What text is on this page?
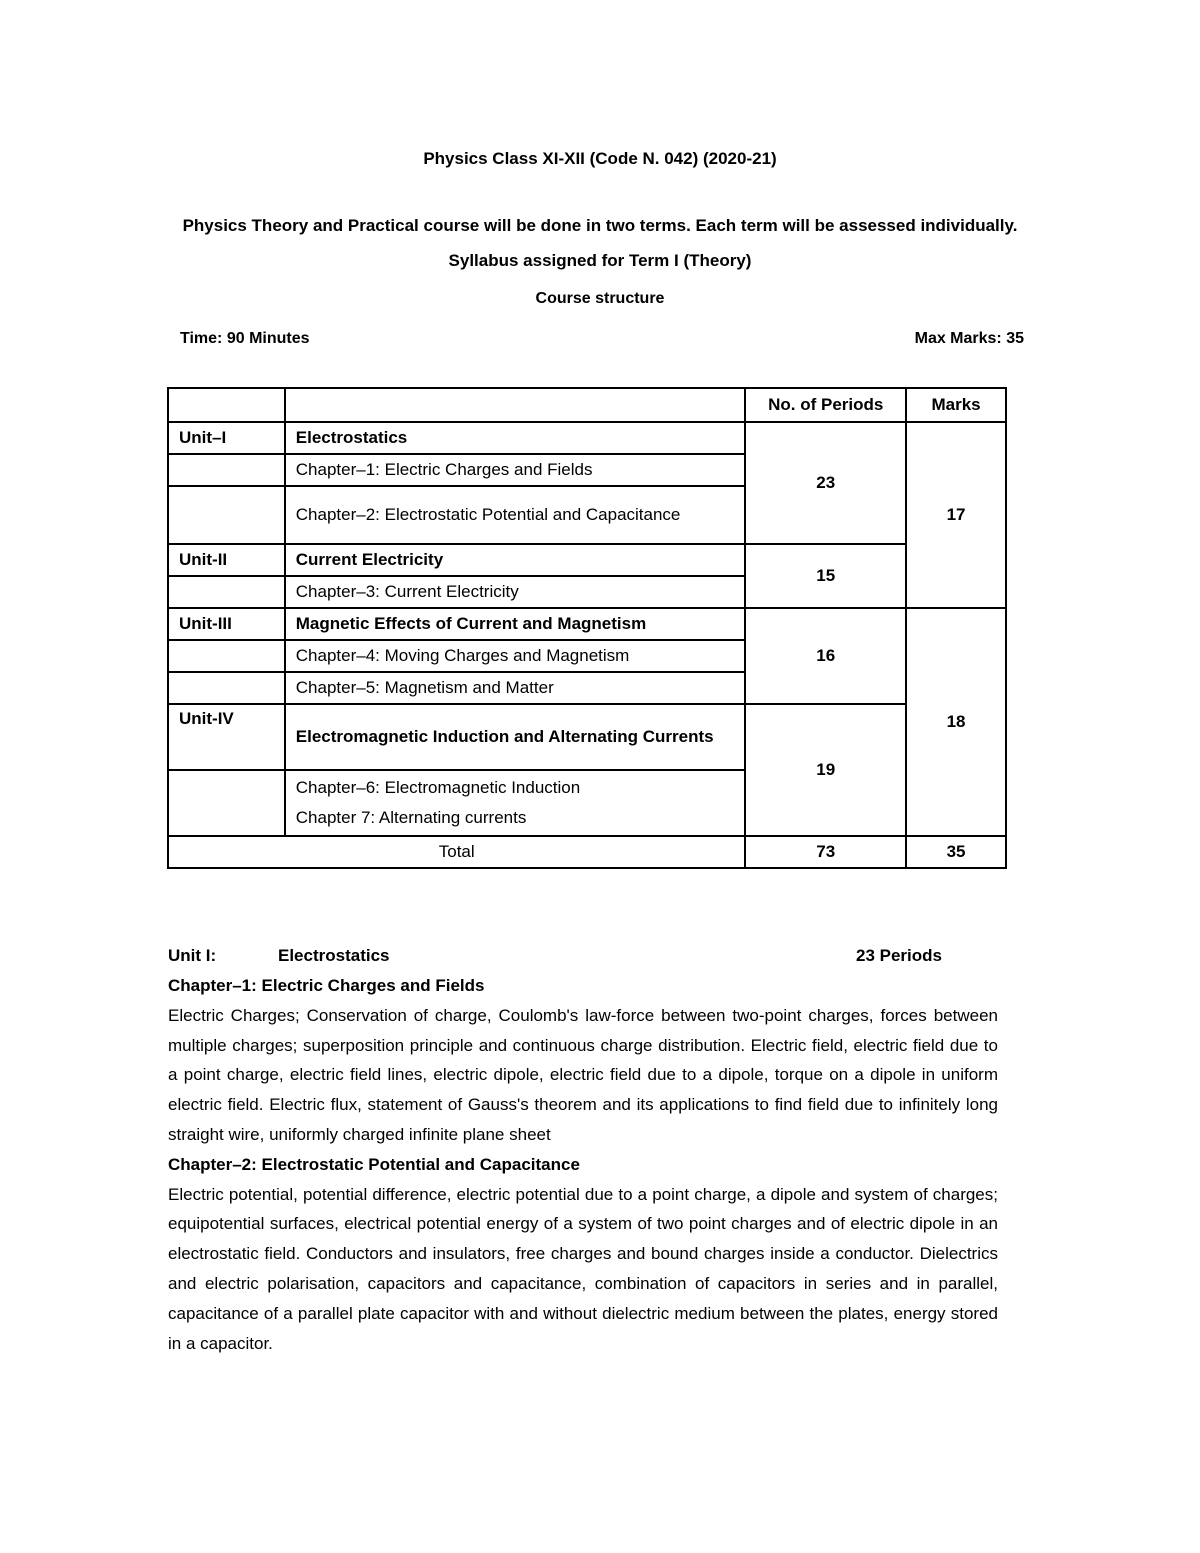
Physics Class XI-XII (Code N. 042) (2020-21)
Physics Theory and Practical course will be done in two terms. Each term will be assessed individually.
Syllabus assigned for Term I (Theory)
Course structure
Time: 90 Minutes	Max Marks: 35
		No. of Periods	Marks
Unit–I	Electrostatics	23	17
	Chapter–1: Electric Charges and Fields		
	Chapter–2: Electrostatic Potential and Capacitance		
Unit-II	Current Electricity	15	
	Chapter–3: Current Electricity		
Unit-III	Magnetic Effects of Current and Magnetism	16	18
	Chapter–4: Moving Charges and Magnetism		
	Chapter–5: Magnetism and Matter		
Unit-IV	Electromagnetic Induction and Alternating Currents	19	

	Chapter–6: Electromagnetic Induction
Chapter 7: Alternating currents		

Total		73	35
Unit I:	Electrostatics	23 Periods
Chapter–1: Electric Charges and Fields
Electric Charges; Conservation of charge, Coulomb's law-force between two-point charges, forces between multiple charges; superposition principle and continuous charge distribution. Electric field, electric field due to a point charge, electric field lines, electric dipole, electric field due to a dipole, torque on a dipole in uniform electric field. Electric flux, statement of Gauss's theorem and its applications to find field due to infinitely long straight wire, uniformly charged infinite plane sheet
Chapter–2: Electrostatic Potential and Capacitance
Electric potential, potential difference, electric potential due to a point charge, a dipole and system of charges; equipotential surfaces, electrical potential energy of a system of two point charges and of electric dipole in an electrostatic field. Conductors and insulators, free charges and bound charges inside a conductor. Dielectrics and electric polarisation, capacitors and capacitance, combination of capacitors in series and in parallel, capacitance of a parallel plate capacitor with and without dielectric medium between the plates, energy stored in a capacitor.
